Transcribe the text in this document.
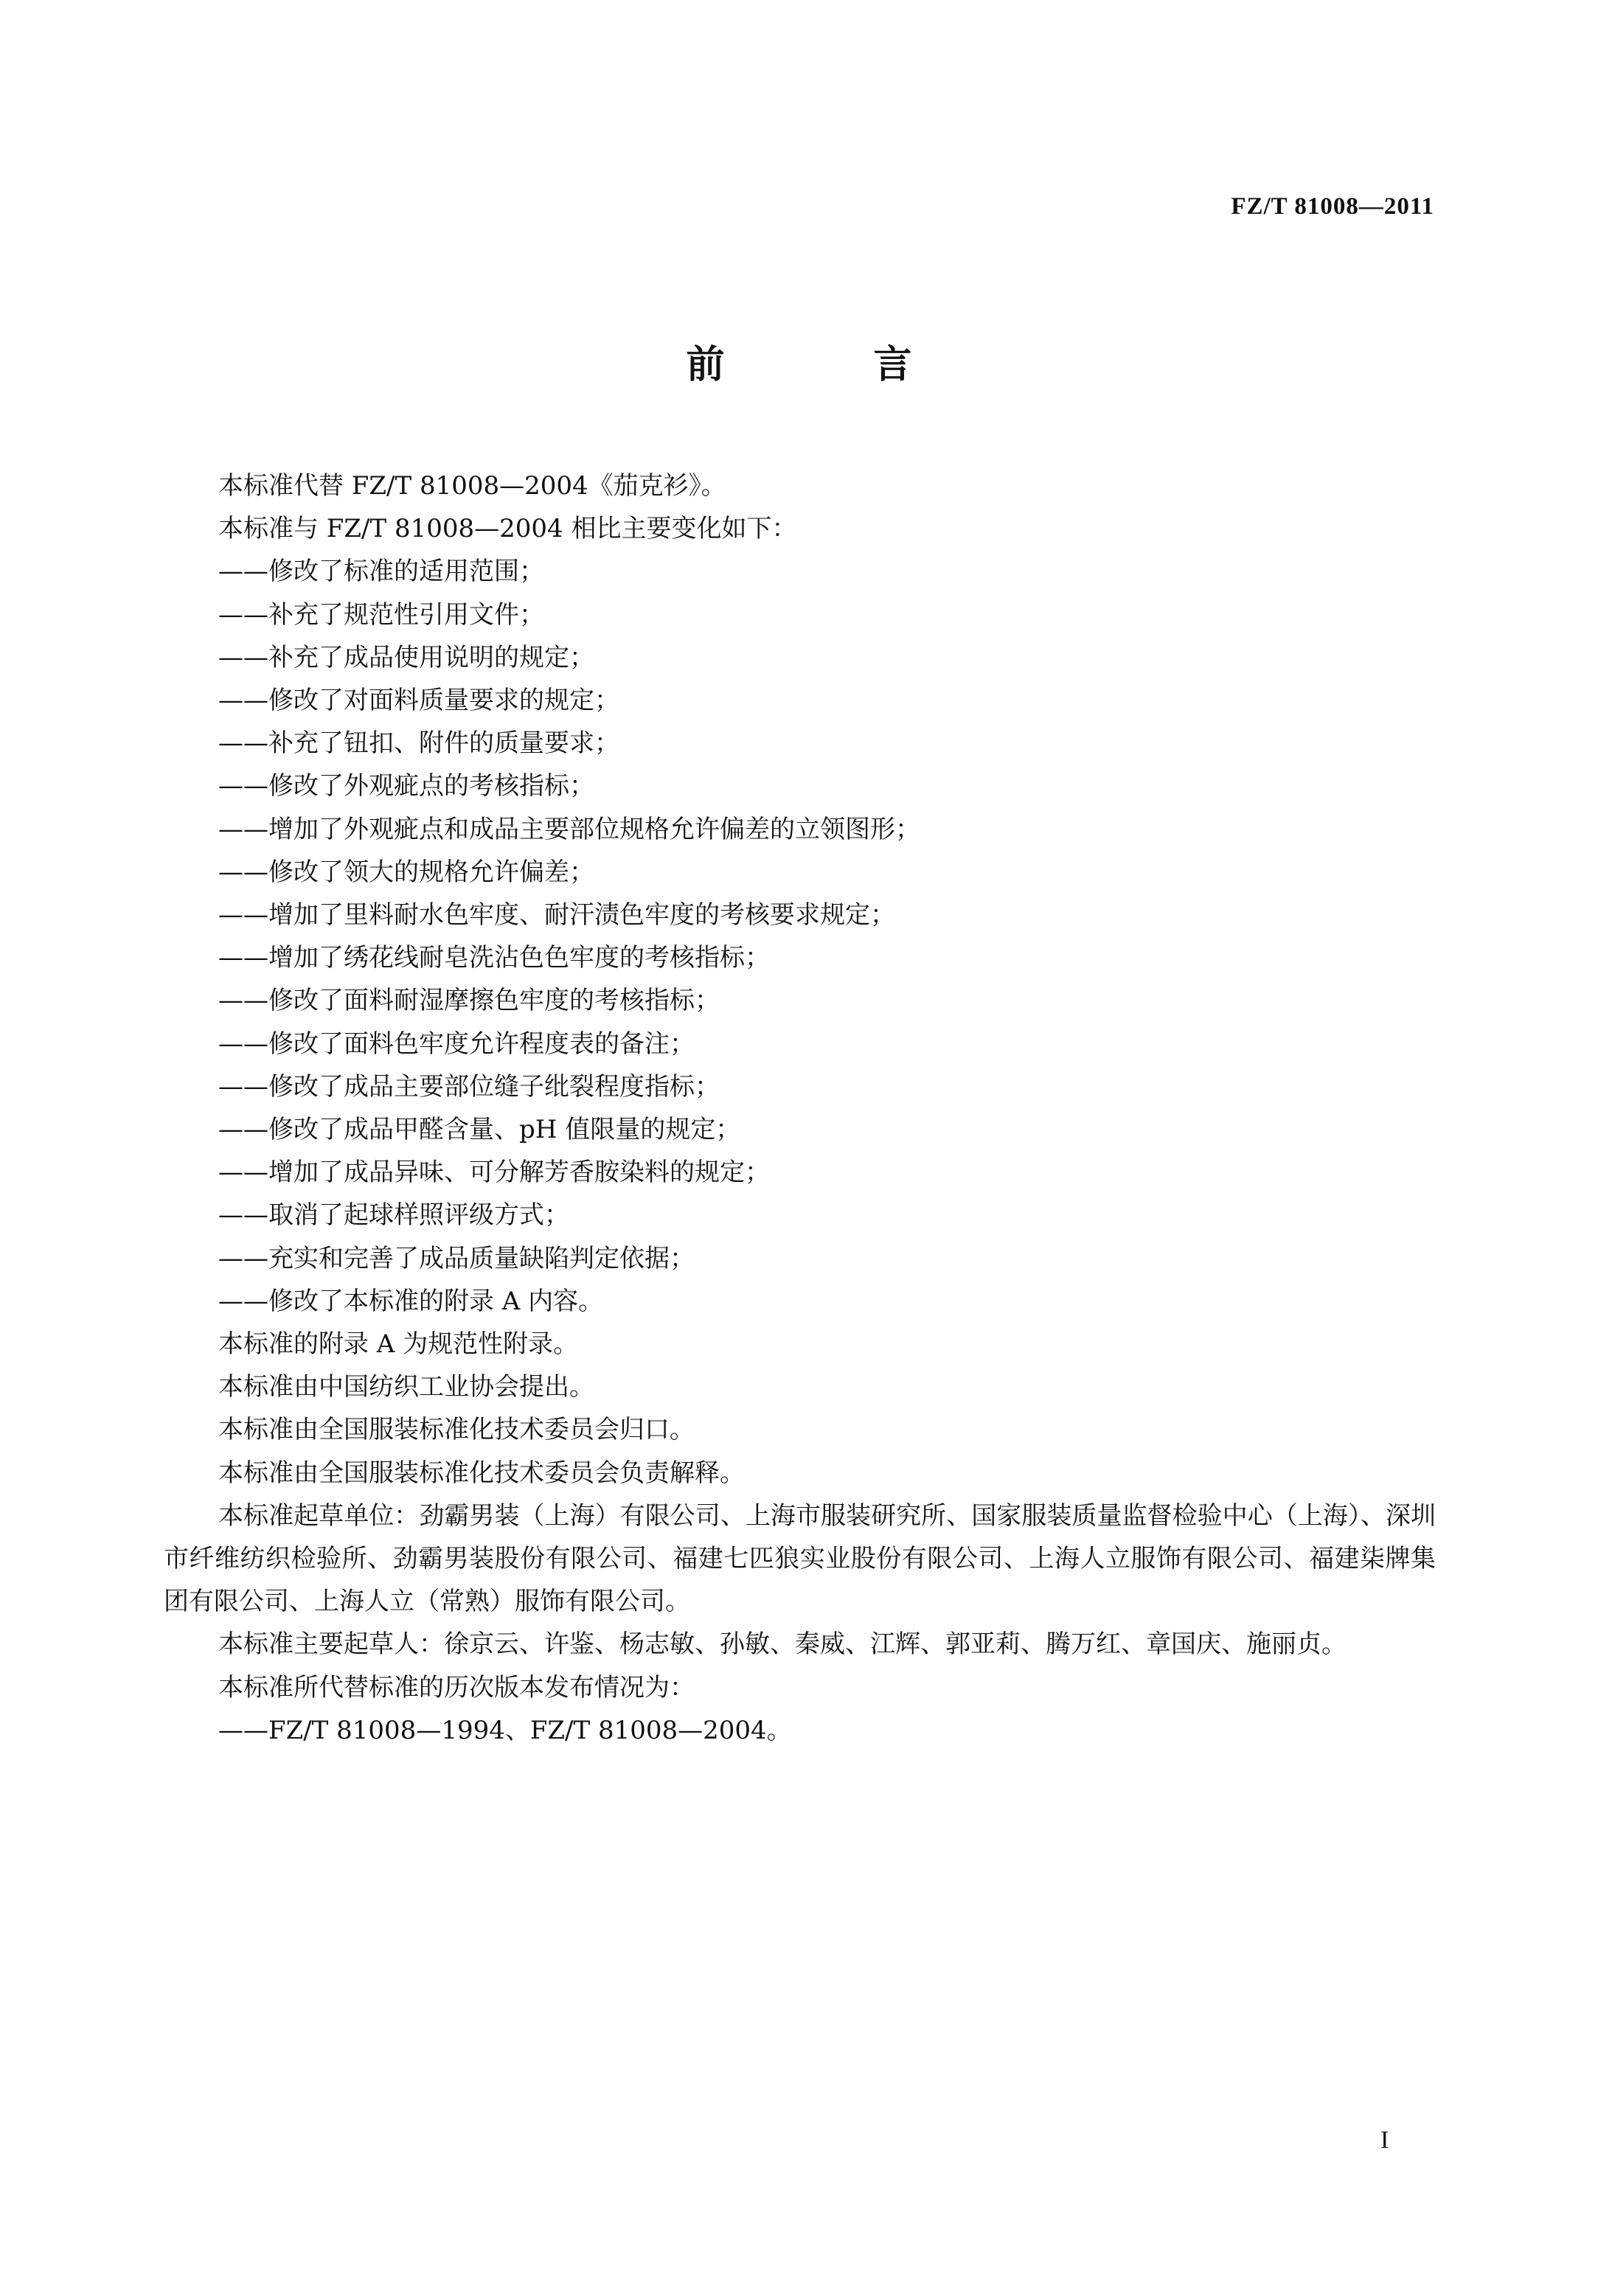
FZ/T 81008—2011
前 言

本标准代替 FZ/T 81008—2004《茄克衫》。

本标准与 FZ/T 81008—2004 相比主要变化如下：

——修改了标准的适用范围；

——补充了规范性引用文件；

——补充了成品使用说明的规定；

——修改了对面料质量要求的规定；

——补充了钮扣、附件的质量要求；

——修改了外观疵点的考核指标；

——增加了外观疵点和成品主要部位规格允许偏差的立领图形；

——修改了领大的规格允许偏差；

——增加了里料耐水色牢度、耐汗渍色牢度的考核要求规定；

——增加了绣花线耐皂洗沾色色牢度的考核指标；

——修改了面料耐湿摩擦色牢度的考核指标；

——修改了面料色牢度允许程度表的备注；

——修改了成品主要部位缝子纰裂程度指标；

——修改了成品甲醛含量、pH 值限量的规定；

——增加了成品异味、可分解芳香胺染料的规定；

——取消了起球样照评级方式；

——充实和完善了成品质量缺陷判定依据；

——修改了本标准的附录 A 内容。

本标准的附录 A 为规范性附录。

本标准由中国纺织工业协会提出。

本标准由全国服装标准化技术委员会归口。

本标准由全国服装标准化技术委员会负责解释。

本标准起草单位：劲霸男装（上海）有限公司、上海市服装研究所、国家服装质量监督检验中心（上海）、深圳市纤维纺织检验所、劲霸男装股份有限公司、福建七匹狼实业股份有限公司、上海人立服饰有限公司、福建柒牌集团有限公司、上海人立（常熟）服饰有限公司。

本标准主要起草人：徐京云、许鉴、杨志敏、孙敏、秦威、江辉、郭亚莉、腾万红、章国庆、施丽贞。

本标准所代替标准的历次版本发布情况为：

——FZ/T 81008—1994、FZ/T 81008—2004。

I
